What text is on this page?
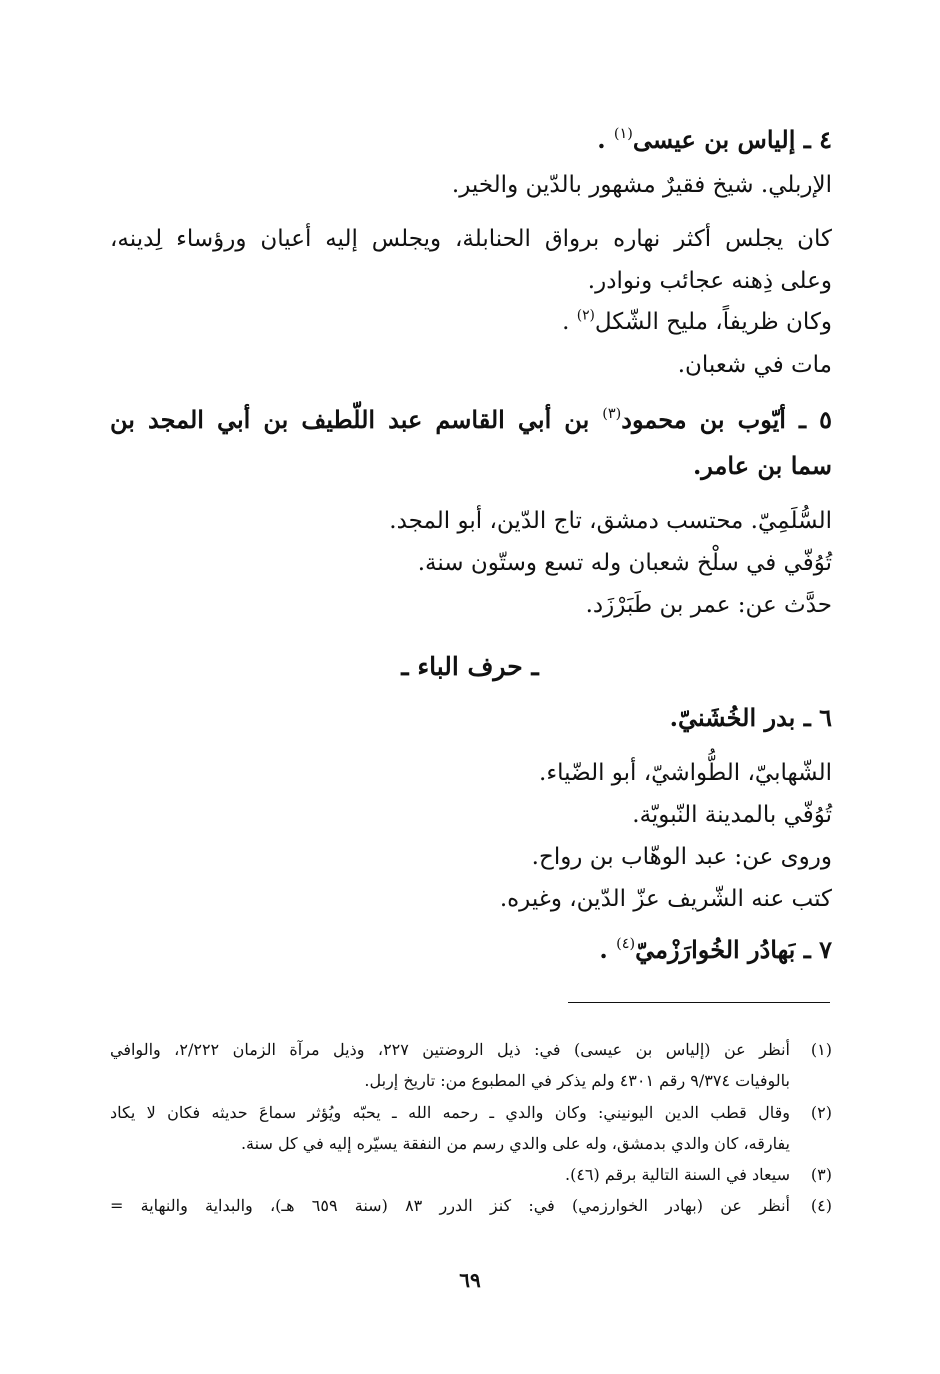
٤ ـ إلياس بن عيسى$^{(١)}$ .
الإربلي. شيخ فقيرٌ مشهور بالدّين والخير.
كان يجلس أكثر نهاره برواق الحنابلة، ويجلس إليه أعيان ورؤساء لِدينه،
وعلى ذِهنه عجائب ونوادر.
وكان ظريفاً، مليح الشّكل$^{(٢)}$ .
مات في شعبان.
٥ ـ أيّوب بن محمود$^{(٣)}$ بن أبي القاسم عبد اللّطيف بن أبي المجد بن
سما بن عامر.
السُّلَمِيّ. محتسب دمشق، تاج الدّين، أبو المجد.
تُوُفّي في سلْخ شعبان وله تسع وستّون سنة.
حدَّث عن: عمر بن طَبَرْزَد.
ـ حرف الباء ـ
٦ ـ بدر الخُشَنيّ.
الشّهابيّ، الطُّواشيّ، أبو الضّياء.
تُوُفّي بالمدينة النّبويّة.
وروى عن: عبد الوهّاب بن رواح.
كتب عنه الشّريف عزّ الدّين، وغيره.
٧ ـ بَهادُر الخُوارَزْميّ$^{(٤)}$ .
(١)
أنظر عن (إلياس بن عيسى) في: ذيل الروضتين ٢٢٧، وذيل مرآة الزمان ٢/٢٢٢، والوافي
بالوفيات ٩/٣٧٤ رقم ٤٣٠١ ولم يذكر في المطبوع من: تاريخ إربل.
(٢)
وقال قطب الدين اليونيني: وكان والدي ـ رحمه الله ـ يحبّه ويُؤثر سماعَ حديثه فكان لا يكاد
يفارقه، كان والدي بدمشق، وله على والدي رسم من النفقة يسيّره إليه في كل سنة.
(٣)
سيعاد في السنة التالية برقم (٤٦).
(٤)
أنظر عن (بهادر الخوارزمي) في: كنز الدرر ٨٣ (سنة ٦٥٩ هـ)، والبداية والنهاية =
٦٩
